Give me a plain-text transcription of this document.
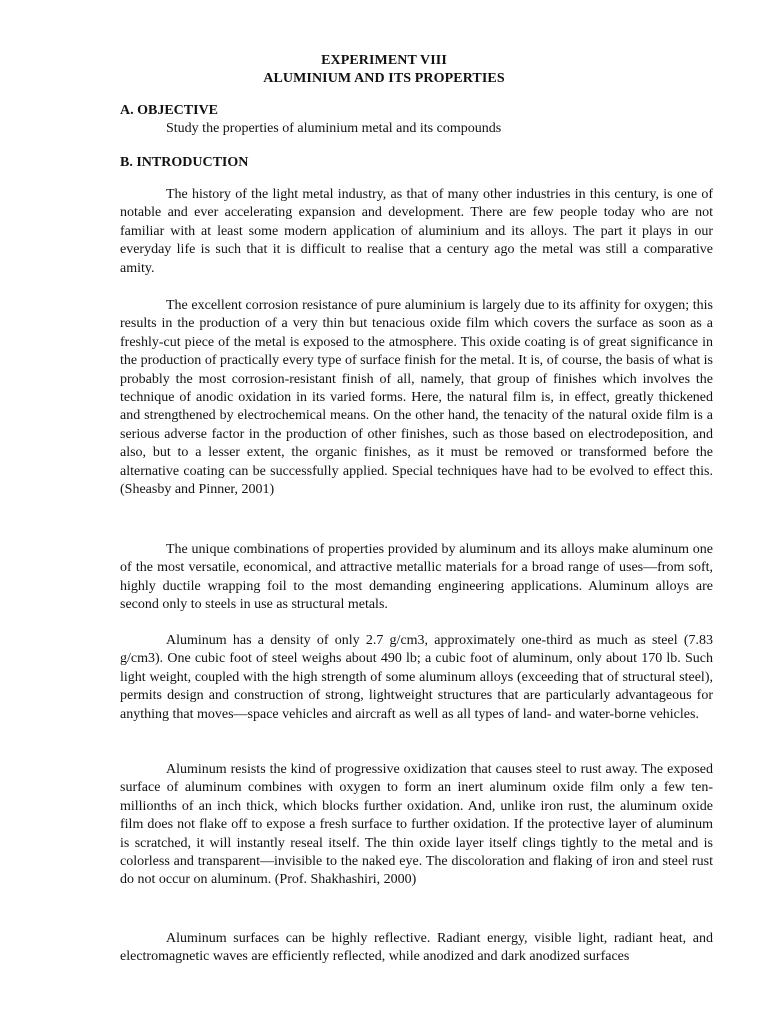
EXPERIMENT VIII
ALUMINIUM AND ITS PROPERTIES
A. OBJECTIVE
Study the properties of aluminium metal and its compounds
B. INTRODUCTION

The history of the light metal industry, as that of many other industries in this century, is one of notable and ever accelerating expansion and development. There are few people today who are not familiar with at least some modern application of aluminium and its alloys. The part it plays in our everyday life is such that it is difficult to realise that a century ago the metal was still a comparative amity.

The excellent corrosion resistance of pure aluminium is largely due to its affinity for oxygen; this results in the production of a very thin but tenacious oxide film which covers the surface as soon as a freshly-cut piece of the metal is exposed to the atmosphere. This oxide coating is of great significance in the production of practically every type of surface finish for the metal. It is, of course, the basis of what is probably the most corrosion-resistant finish of all, namely, that group of finishes which involves the technique of anodic oxidation in its varied forms. Here, the natural film is, in effect, greatly thickened and strengthened by electrochemical means. On the other hand, the tenacity of the natural oxide film is a serious adverse factor in the production of other finishes, such as those based on electrodeposition, and also, but to a lesser extent, the organic finishes, as it must be removed or transformed before the alternative coating can be successfully applied. Special techniques have had to be evolved to effect this. (Sheasby and Pinner, 2001)

The unique combinations of properties provided by aluminum and its alloys make aluminum one of the most versatile, economical, and attractive metallic materials for a broad range of uses—from soft, highly ductile wrapping foil to the most demanding engineering applications. Aluminum alloys are second only to steels in use as structural metals.

Aluminum has a density of only 2.7 g/cm3, approximately one-third as much as steel (7.83 g/cm3). One cubic foot of steel weighs about 490 lb; a cubic foot of aluminum, only about 170 lb. Such light weight, coupled with the high strength of some aluminum alloys (exceeding that of structural steel), permits design and construction of strong, lightweight structures that are particularly advantageous for anything that moves—space vehicles and aircraft as well as all types of land- and water-borne vehicles.

Aluminum resists the kind of progressive oxidization that causes steel to rust away. The exposed surface of aluminum combines with oxygen to form an inert aluminum oxide film only a few ten-millionths of an inch thick, which blocks further oxidation. And, unlike iron rust, the aluminum oxide film does not flake off to expose a fresh surface to further oxidation. If the protective layer of aluminum is scratched, it will instantly reseal itself. The thin oxide layer itself clings tightly to the metal and is colorless and transparent—invisible to the naked eye. The discoloration and flaking of iron and steel rust do not occur on aluminum. (Prof. Shakhashiri, 2000)

Aluminum surfaces can be highly reflective. Radiant energy, visible light, radiant heat, and electromagnetic waves are efficiently reflected, while anodized and dark anodized surfaces
